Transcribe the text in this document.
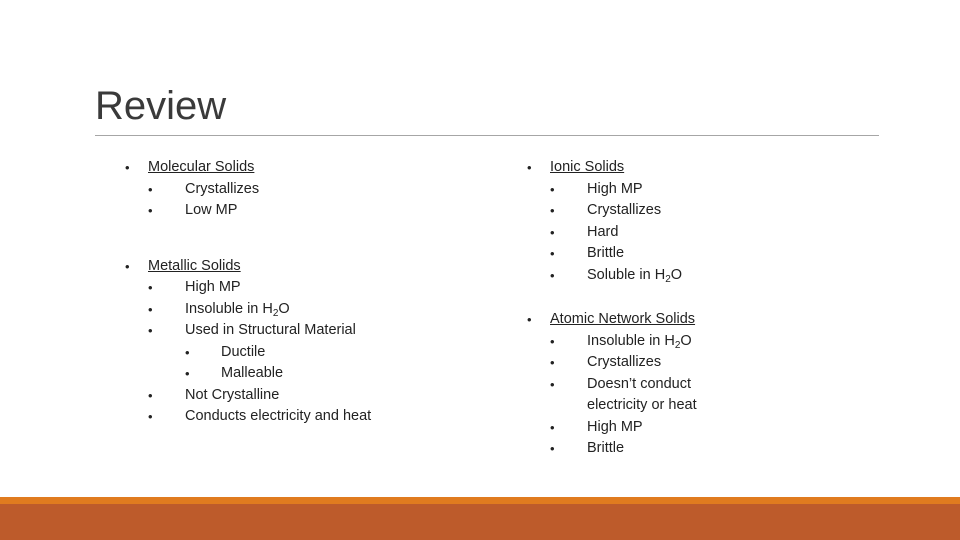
Review
• Molecular Solids
• Crystallizes
• Low MP
• Metallic Solids
• High MP
• Insoluble in $H_2O$
• Used in Structural Material
• Ductile
• Malleable
• Not Crystalline
• Conducts electricity and heat
• Ionic Solids
• High MP
• Crystallizes
• Hard
• Brittle
• Soluble in $H_2O$
• Atomic Network Solids
• Insoluble in $H_2O$
• Crystallizes
• Doesn’t conduct electricity or heat
• High MP
• Brittle
